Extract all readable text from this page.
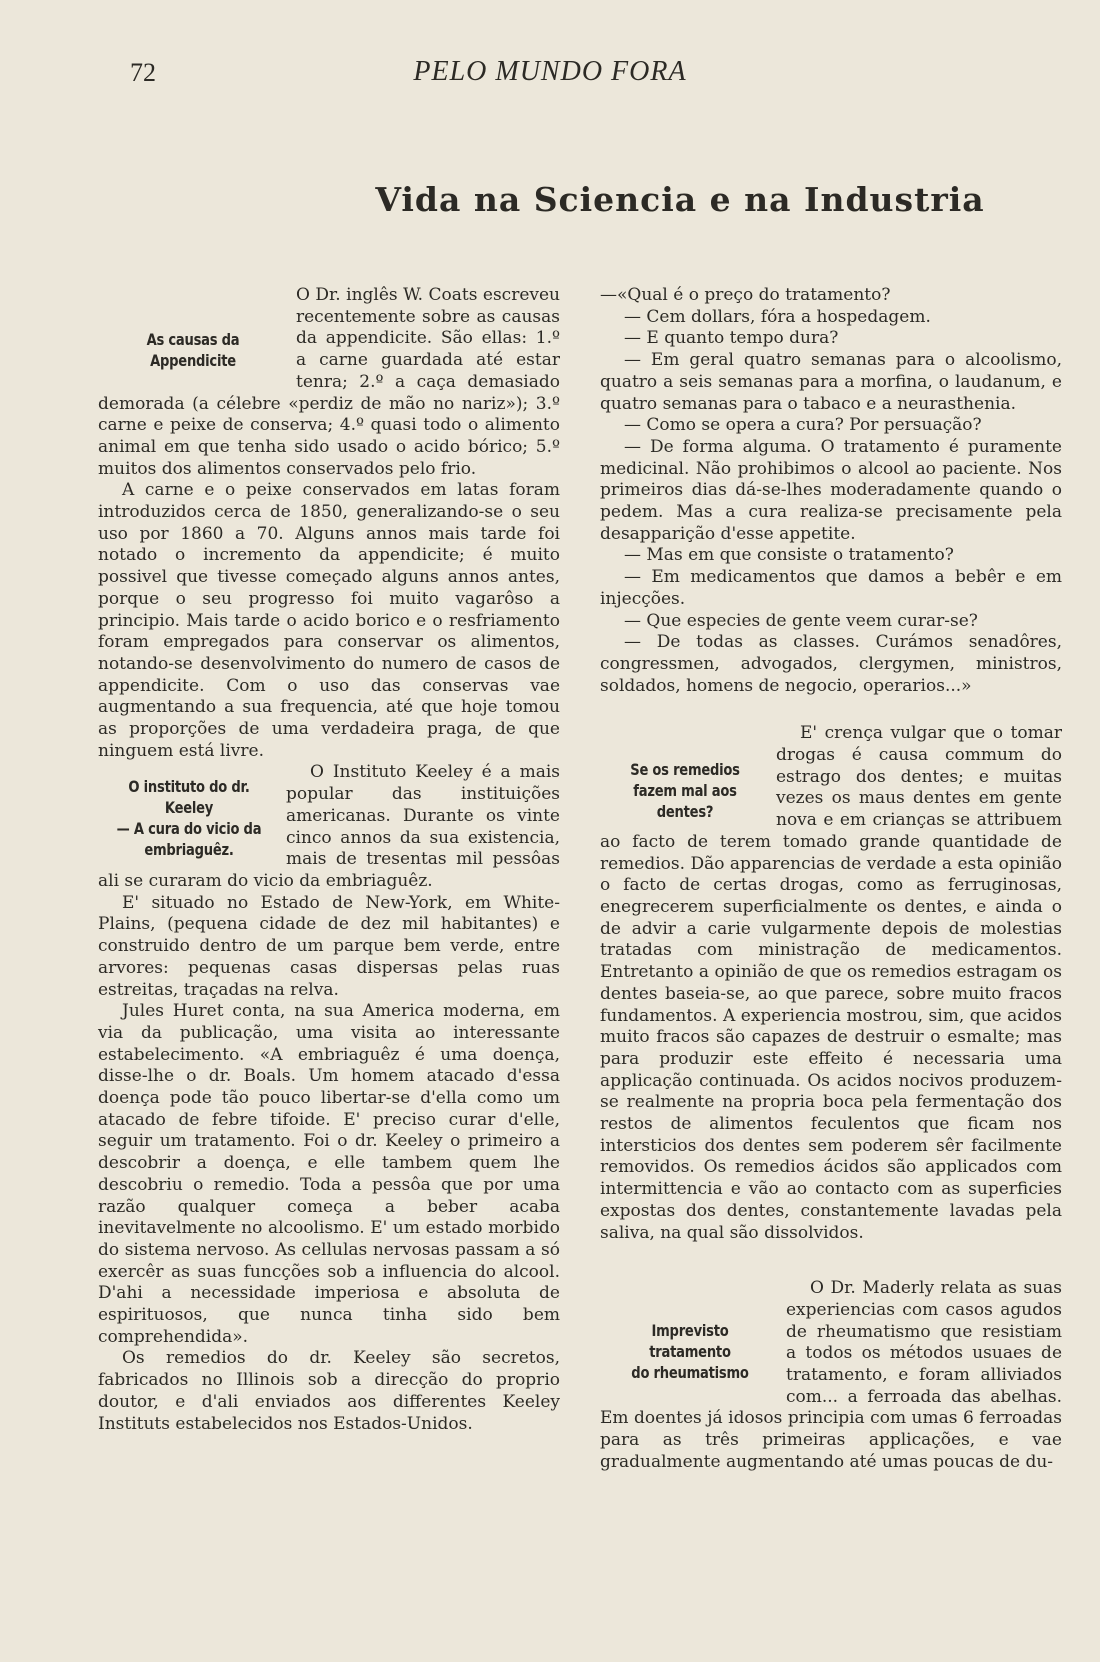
72	PELO MUNDO FORA
Vida na Sciencia e na Industria
As causas da Appendicite

O Dr. inglês W. Coats escreveu recentemente sobre as causas da appendicite. São ellas: 1.º a carne guardada até estar tenra; 2.º a caça demasiado demorada (a célebre «perdiz de mão no nariz»); 3.º carne e peixe de conserva; 4.º quasi todo o alimento animal em que tenha sido usado o acido bórico; 5.º muitos dos alimentos conservados pelo frio.

A carne e o peixe conservados em latas foram introduzidos cerca de 1850, generalizando-se o seu uso por 1860 a 70. Alguns annos mais tarde foi notado o incremento da appendicite; é muito possivel que tivesse começado alguns annos antes, porque o seu progresso foi muito vagarôso a principio. Mais tarde o acido borico e o resfriamento foram empregados para conservar os alimentos, notando-se desenvolvimento do numero de casos de appendicite. Com o uso das conservas vae augmentando a sua frequencia, até que hoje tomou as proporções de uma verdadeira praga, de que ninguem está livre.

O instituto do dr. Keeley
— A cura do vicio da
embriaguêz.

O Instituto Keeley é a mais popular das instituições americanas. Durante os vinte cinco annos da sua existencia, mais de tresentas mil pessôas ali se curaram do vicio da embriaguêz.

E' situado no Estado de New-York, em White-Plains, (pequena cidade de dez mil habitantes) e construido dentro de um parque bem verde, entre arvores: pequenas casas dispersas pelas ruas estreitas, traçadas na relva.

Jules Huret conta, na sua America moderna, em via da publicação, uma visita ao interessante estabelecimento. «A embriaguêz é uma doença, disse-lhe o dr. Boals. Um homem atacado d'essa doença pode tão pouco libertar-se d'ella como um atacado de febre tifoide. E' preciso curar d'elle, seguir um tratamento. Foi o dr. Keeley o primeiro a descobrir a doença, e elle tambem quem lhe descobriu o remedio. Toda a pessôa que por uma razão qualquer começa a beber acaba inevitavelmente no alcoolismo. E' um estado morbido do sistema nervoso. As cellulas nervosas passam a só exercêr as suas funcções sob a influencia do alcool. D'ahi a necessidade imperiosa e absoluta de espirituosos, que nunca tinha sido bem comprehendida».

Os remedios do dr. Keeley são secretos, fabricados no Illinois sob a direcção do proprio doutor, e d'ali enviados aos differentes Keeley Instituts estabelecidos nos Estados-Unidos.

—«Qual é o preço do tratamento?

— Cem dollars, fóra a hospedagem.

— E quanto tempo dura?

— Em geral quatro semanas para o alcoolismo, quatro a seis semanas para a morfina, o laudanum, e quatro semanas para o tabaco e a neurasthenia.

— Como se opera a cura? Por persuação?

— De forma alguma. O tratamento é puramente medicinal. Não prohibimos o alcool ao paciente. Nos primeiros dias dá-se-lhes moderadamente quando o pedem. Mas a cura realiza-se precisamente pela desapparição d'esse appetite.

— Mas em que consiste o tratamento?

— Em medicamentos que damos a bebêr e em injecções.

— Que especies de gente veem curar-se?

— De todas as classes. Curámos senadôres, congressmen, advogados, clergymen, ministros, soldados, homens de negocio, operarios...»

Se os remedios
fazem mal aos dentes?

E' crença vulgar que o tomar drogas é causa commum do estrago dos dentes; e muitas vezes os maus dentes em gente nova e em crianças se attribuem ao facto de terem tomado grande quantidade de remedios. Dão apparencias de verdade a esta opinião o facto de certas drogas, como as ferruginosas, enegrecerem superficialmente os dentes, e ainda o de advir a carie vulgarmente depois de molestias tratadas com ministração de medicamentos. Entretanto a opinião de que os remedios estragam os dentes baseia-se, ao que parece, sobre muito fracos fundamentos. A experiencia mostrou, sim, que acidos muito fracos são capazes de destruir o esmalte; mas para produzir este effeito é necessaria uma applicação continuada. Os acidos nocivos produzem-se realmente na propria boca pela fermentação dos restos de alimentos feculentos que ficam nos intersticios dos dentes sem poderem sêr facilmente removidos. Os remedios ácidos são applicados com intermittencia e vão ao contacto com as superficies expostas dos dentes, constantemente lavadas pela saliva, na qual são dissolvidos.

Imprevisto tratamento
do rheumatismo

O Dr. Maderly relata as suas experiencias com casos agudos de rheumatismo que resistiam a todos os métodos usuaes de tratamento, e foram alliviados com... a ferroada das abelhas. Em doentes já idosos principia com umas 6 ferroadas para as três primeiras applicações, e vae gradualmente augmentando até umas poucas de du-
